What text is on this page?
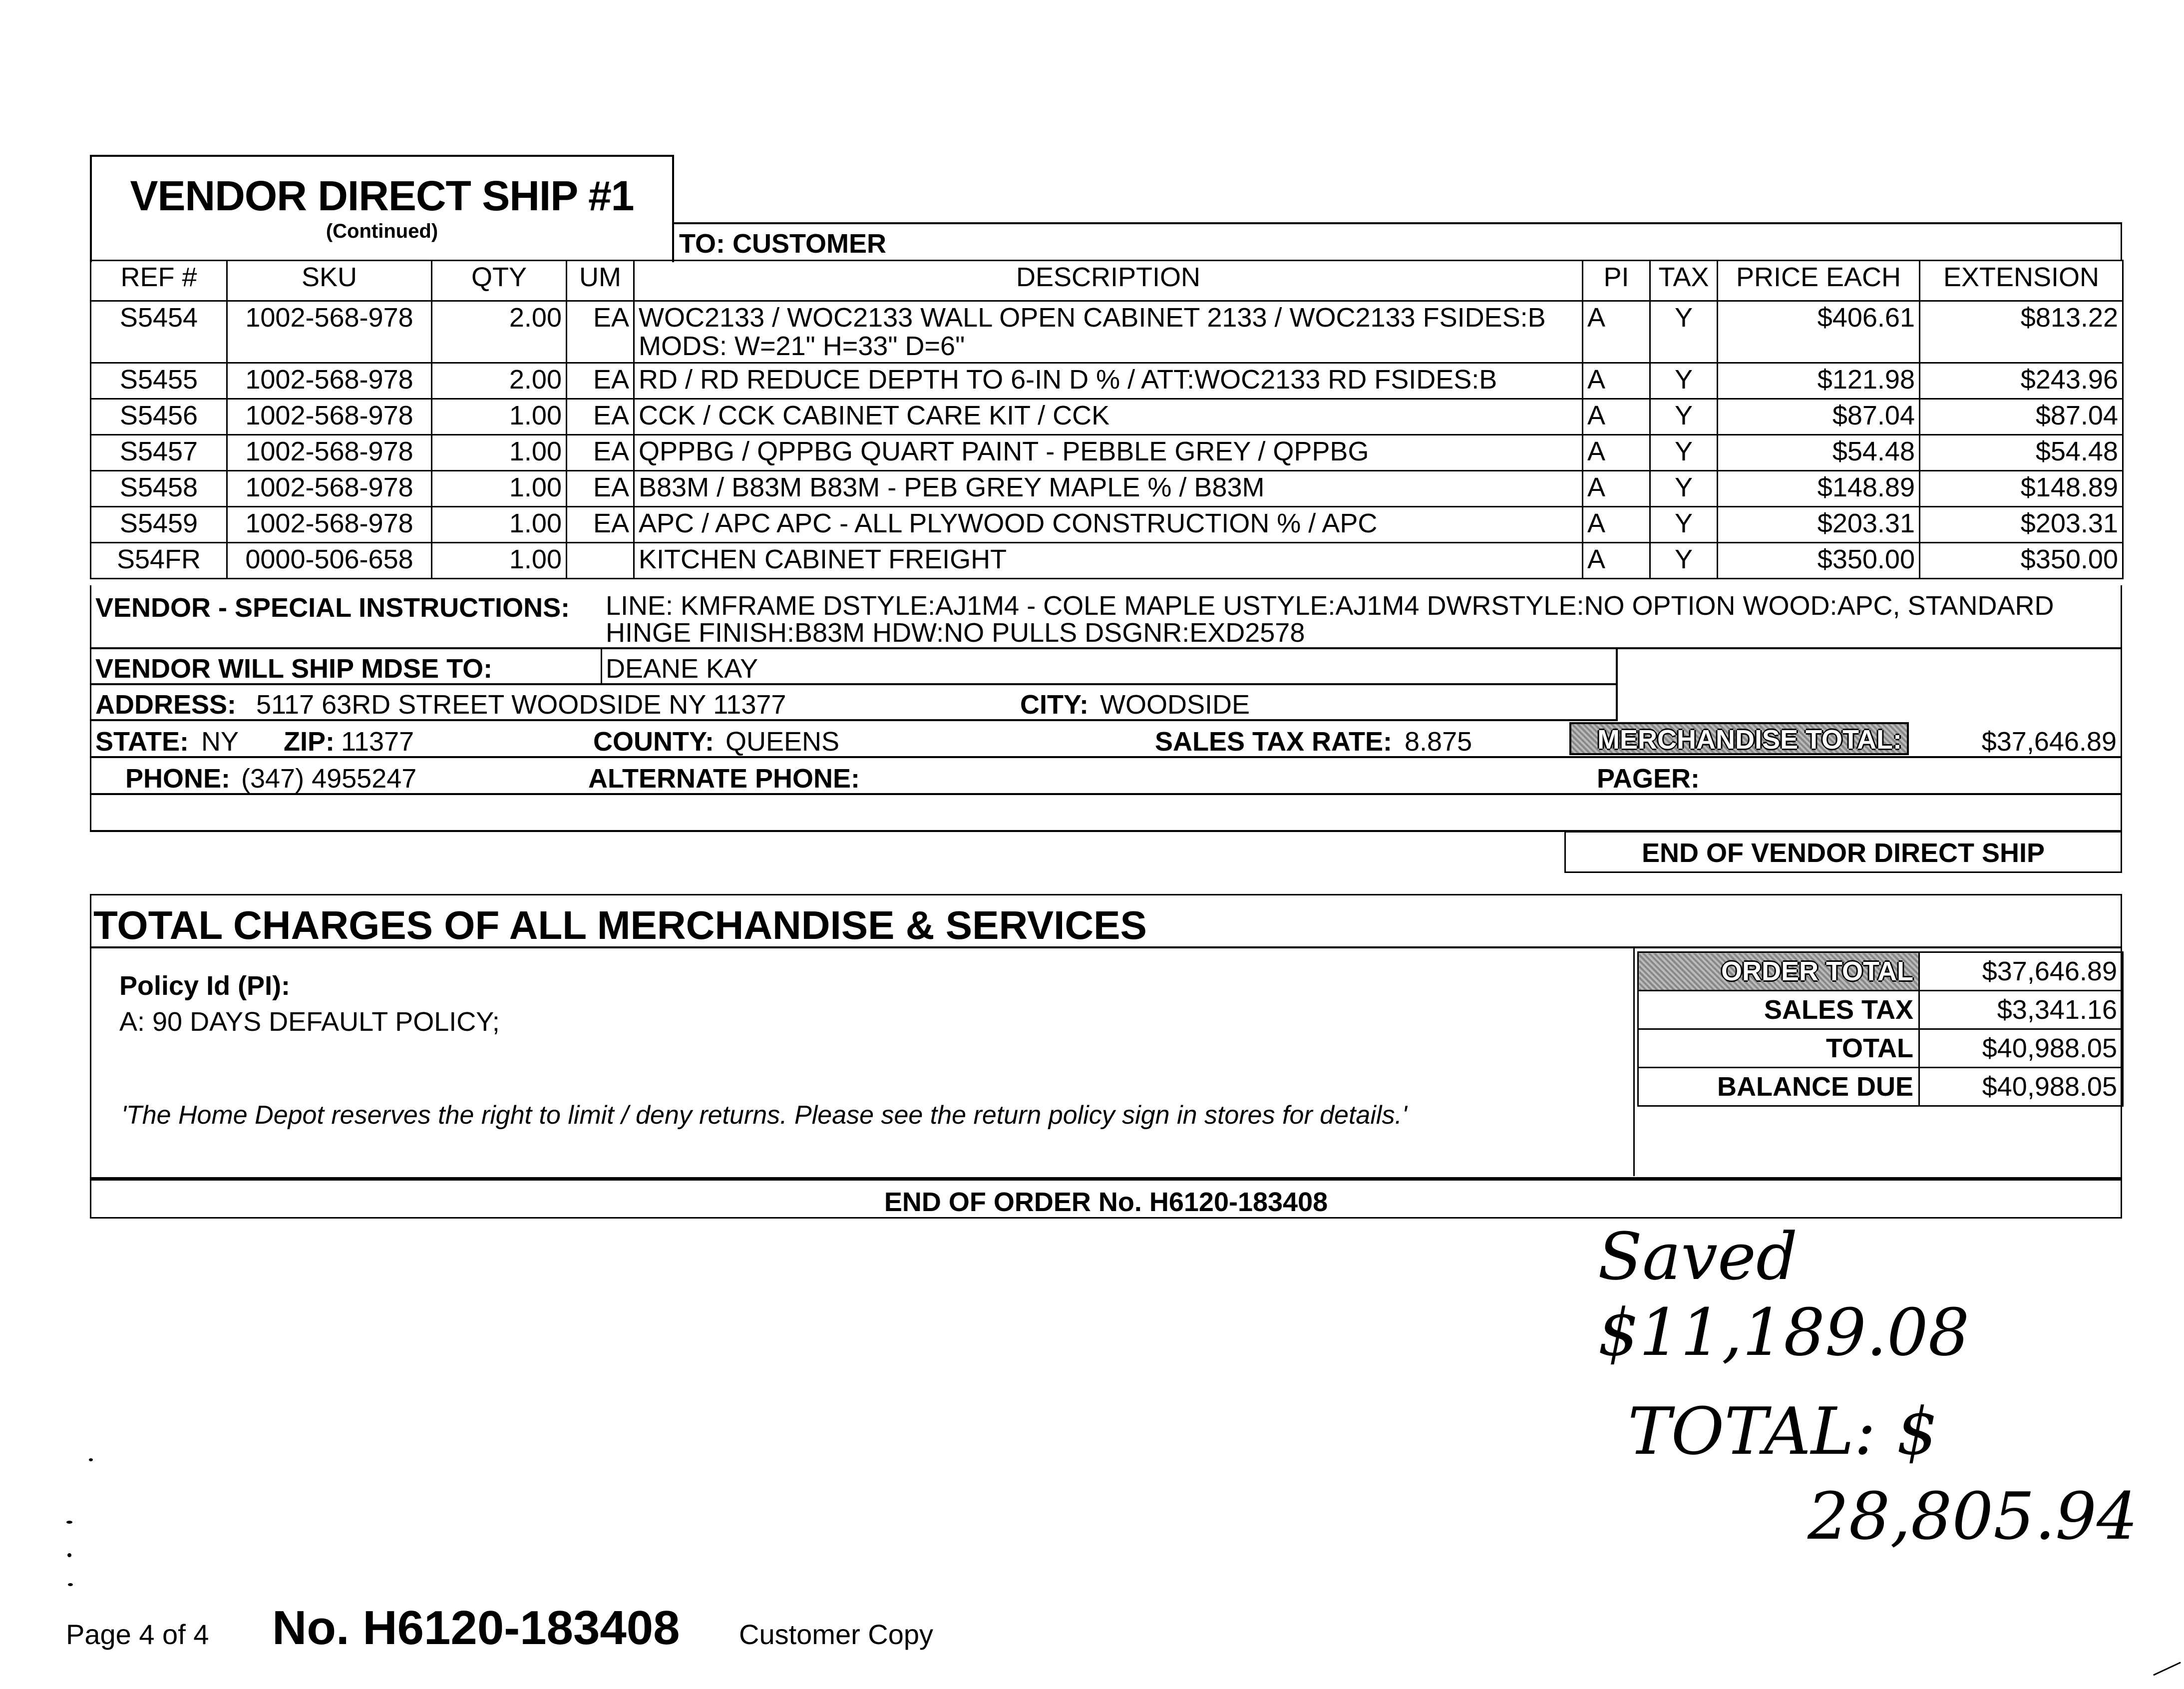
VENDOR DIRECT SHIP #1
(Continued)	TO: CUSTOMER
REF #	SKU	QTY	UM	DESCRIPTION	PI	TAX	PRICE EACH	EXTENSION
S5454	1002-568-978	2.00	EA	WOC2133 / WOC2133 WALL OPEN CABINET 2133 / WOC2133 FSIDES:B
MODS: W=21" H=33" D=6"	A	Y	$406.61	$813.22
S5455	1002-568-978	2.00	EA	RD / RD REDUCE DEPTH TO 6-IN D % / ATT:WOC2133 RD FSIDES:B	A	Y	$121.98	$243.96
S5456	1002-568-978	1.00	EA	CCK / CCK CABINET CARE KIT / CCK	A	Y	$87.04	$87.04
S5457	1002-568-978	1.00	EA	QPPBG / QPPBG QUART PAINT - PEBBLE GREY / QPPBG	A	Y	$54.48	$54.48
S5458	1002-568-978	1.00	EA	B83M / B83M B83M - PEB GREY MAPLE % / B83M	A	Y	$148.89	$148.89
S5459	1002-568-978	1.00	EA	APC / APC APC - ALL PLYWOOD CONSTRUCTION % / APC	A	Y	$203.31	$203.31
S54FR	0000-506-658	1.00		KITCHEN CABINET FREIGHT	A	Y	$350.00	$350.00
VENDOR - SPECIAL INSTRUCTIONS: LINE: KMFRAME DSTYLE:AJ1M4 - COLE MAPLE USTYLE:AJ1M4 DWRSTYLE:NO OPTION WOOD:APC, STANDARD
HINGE FINISH:B83M HDW:NO PULLS DSGNR:EXD2578
VENDOR WILL SHIP MDSE TO:	DEANE KAY
ADDRESS: 5117 63RD STREET WOODSIDE NY 11377	CITY: WOODSIDE
STATE: NY ZIP: 11377	COUNTY: QUEENS	SALES TAX RATE: 8.875	MERCHANDISE TOTAL:	$37,646.89
PHONE: (347) 4955247	ALTERNATE PHONE:	PAGER:
END OF VENDOR DIRECT SHIP
TOTAL CHARGES OF ALL MERCHANDISE & SERVICES
Policy Id (PI):
A: 90 DAYS DEFAULT POLICY;
'The Home Depot reserves the right to limit / deny returns. Please see the return policy sign in stores for details.'
ORDER TOTAL	$37,646.89
SALES TAX	$3,341.16
TOTAL	$40,988.05
BALANCE DUE	$40,988.05
END OF ORDER No. H6120-183408
Saved $11,189.08
TOTAL: $
28,805.94
Page 4 of 4 No. H6120-183408 Customer Copy
